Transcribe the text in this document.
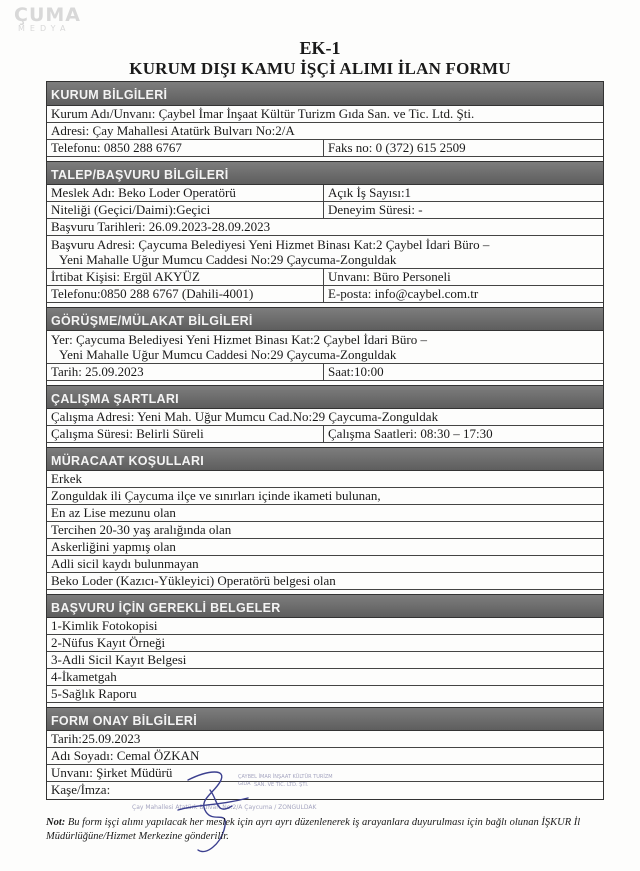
ÇUMA
MEDYA
EK-1
KURUM DIŞI KAMU İŞÇİ ALIMI İLAN FORMU
KURUM BİLGİLERİ
Kurum Adı/Unvanı: Çaybel İmar İnşaat Kültür Turizm Gıda San. ve Tic. Ltd. Şti.
Adresi: Çay Mahallesi Atatürk Bulvarı No:2/A
Telefonu: 0850 288 6767	Faks no: 0 (372) 615 2509
TALEP/BAŞVURU BİLGİLERİ
Meslek Adı: Beko Loder Operatörü	Açık İş Sayısı:1
Niteliği (Geçici/Daimi):Geçici	Deneyim Süresi: -
Başvuru Tarihleri: 26.09.2023-28.09.2023
Başvuru Adresi: Çaycuma Belediyesi Yeni Hizmet Binası Kat:2 Çaybel İdari Büro –
Yeni Mahalle Uğur Mumcu Caddesi No:29 Çaycuma-Zonguldak
İrtibat Kişisi: Ergül AKYÜZ	Unvanı: Büro Personeli
Telefonu:0850 288 6767 (Dahili-4001)	E-posta: info@caybel.com.tr
GÖRÜŞME/MÜLAKAT BİLGİLERİ
Yer: Çaycuma Belediyesi Yeni Hizmet Binası Kat:2 Çaybel İdari Büro –
Yeni Mahalle Uğur Mumcu Caddesi No:29 Çaycuma-Zonguldak
Tarih: 25.09.2023	Saat:10:00
ÇALIŞMA ŞARTLARI
Çalışma Adresi: Yeni Mah. Uğur Mumcu Cad.No:29 Çaycuma-Zonguldak
Çalışma Süresi: Belirli Süreli	Çalışma Saatleri: 08:30 – 17:30
MÜRACAAT KOŞULLARI
Erkek
Zonguldak ili Çaycuma ilçe ve sınırları içinde ikameti bulunan,
En az Lise mezunu olan
Tercihen 20-30 yaş aralığında olan
Askerliğini yapmış olan
Adli sicil kaydı bulunmayan
Beko Loder (Kazıcı-Yükleyici) Operatörü belgesi olan
BAŞVURU İÇİN GEREKLİ BELGELER
1-Kimlik Fotokopisi
2-Nüfus Kayıt Örneği
3-Adli Sicil Kayıt Belgesi
4-İkametgah
5-Sağlık Raporu
FORM ONAY BİLGİLERİ
Tarih:25.09.2023
Adı Soyadı: Cemal ÖZKAN
Unvanı: Şirket Müdürü
Kaşe/İmza:
ÇAYBEL İMAR İNŞAAT KÜLTÜR TURİZM GIDA SAN. VE TİC. LTD. ŞTİ.
Çay Mahallesi Atatürk Bulvarı No:2/A Çaycuma / ZONGULDAK
Not: Bu form işçi alımı yapılacak her meslek için ayrı ayrı düzenlenerek iş arayanlara duyurulması için bağlı olunan İŞKUR İl Müdürlüğüne/Hizmet Merkezine gönderilir.
